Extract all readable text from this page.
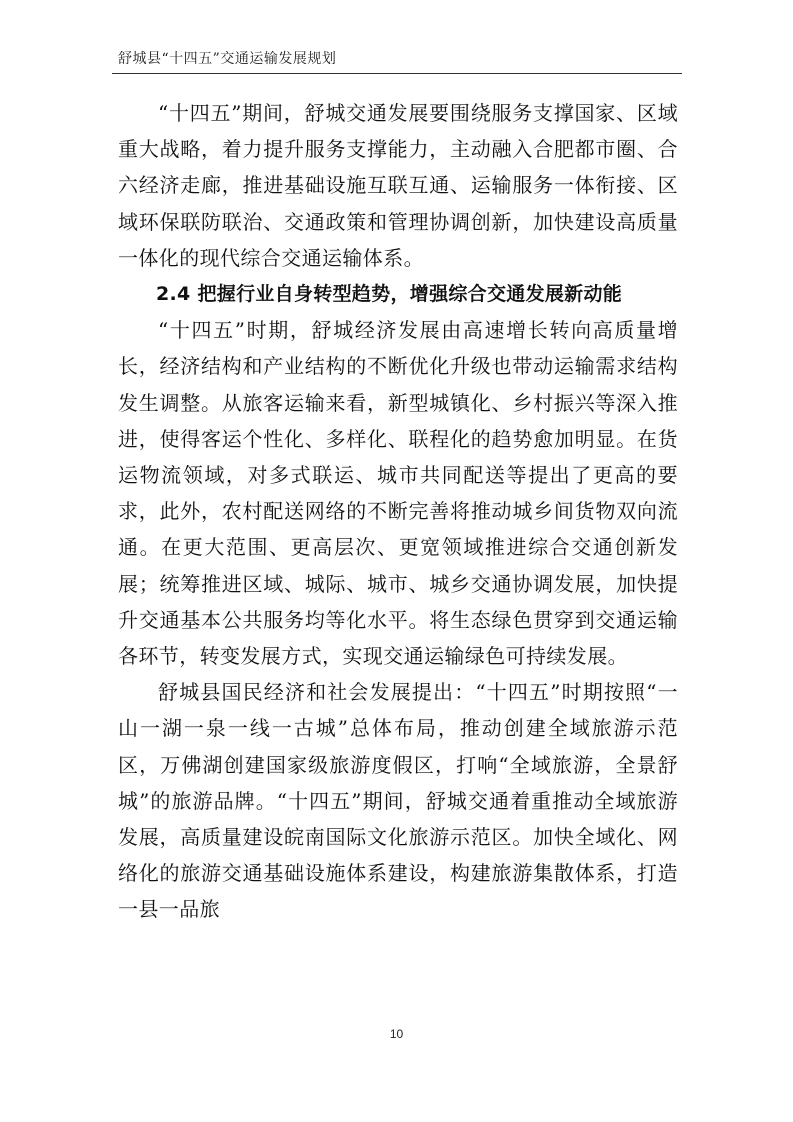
舒城县“十四五”交通运输发展规划

“十四五”期间，舒城交通发展要围绕服务支撑国家、区域重大战略，着力提升服务支撑能力，主动融入合肥都市圈、合六经济走廊，推进基础设施互联互通、运输服务一体衔接、区域环保联防联治、交通政策和管理协调创新，加快建设高质量一体化的现代综合交通运输体系。

2.4 把握行业自身转型趋势，增强综合交通发展新动能

“十四五”时期，舒城经济发展由高速增长转向高质量增长，经济结构和产业结构的不断优化升级也带动运输需求结构发生调整。从旅客运输来看，新型城镇化、乡村振兴等深入推进，使得客运个性化、多样化、联程化的趋势愈加明显。在货运物流领域，对多式联运、城市共同配送等提出了更高的要求，此外，农村配送网络的不断完善将推动城乡间货物双向流通。在更大范围、更高层次、更宽领域推进综合交通创新发展；统筹推进区域、城际、城市、城乡交通协调发展，加快提升交通基本公共服务均等化水平。将生态绿色贯穿到交通运输各环节，转变发展方式，实现交通运输绿色可持续发展。

舒城县国民经济和社会发展提出：“十四五”时期按照“一山一湖一泉一线一古城”总体布局，推动创建全域旅游示范区，万佛湖创建国家级旅游度假区，打响“全域旅游，全景舒城”的旅游品牌。“十四五”期间，舒城交通着重推动全域旅游发展，高质量建设皖南国际文化旅游示范区。加快全域化、网络化的旅游交通基础设施体系建设，构建旅游集散体系，打造一县一品旅

10
